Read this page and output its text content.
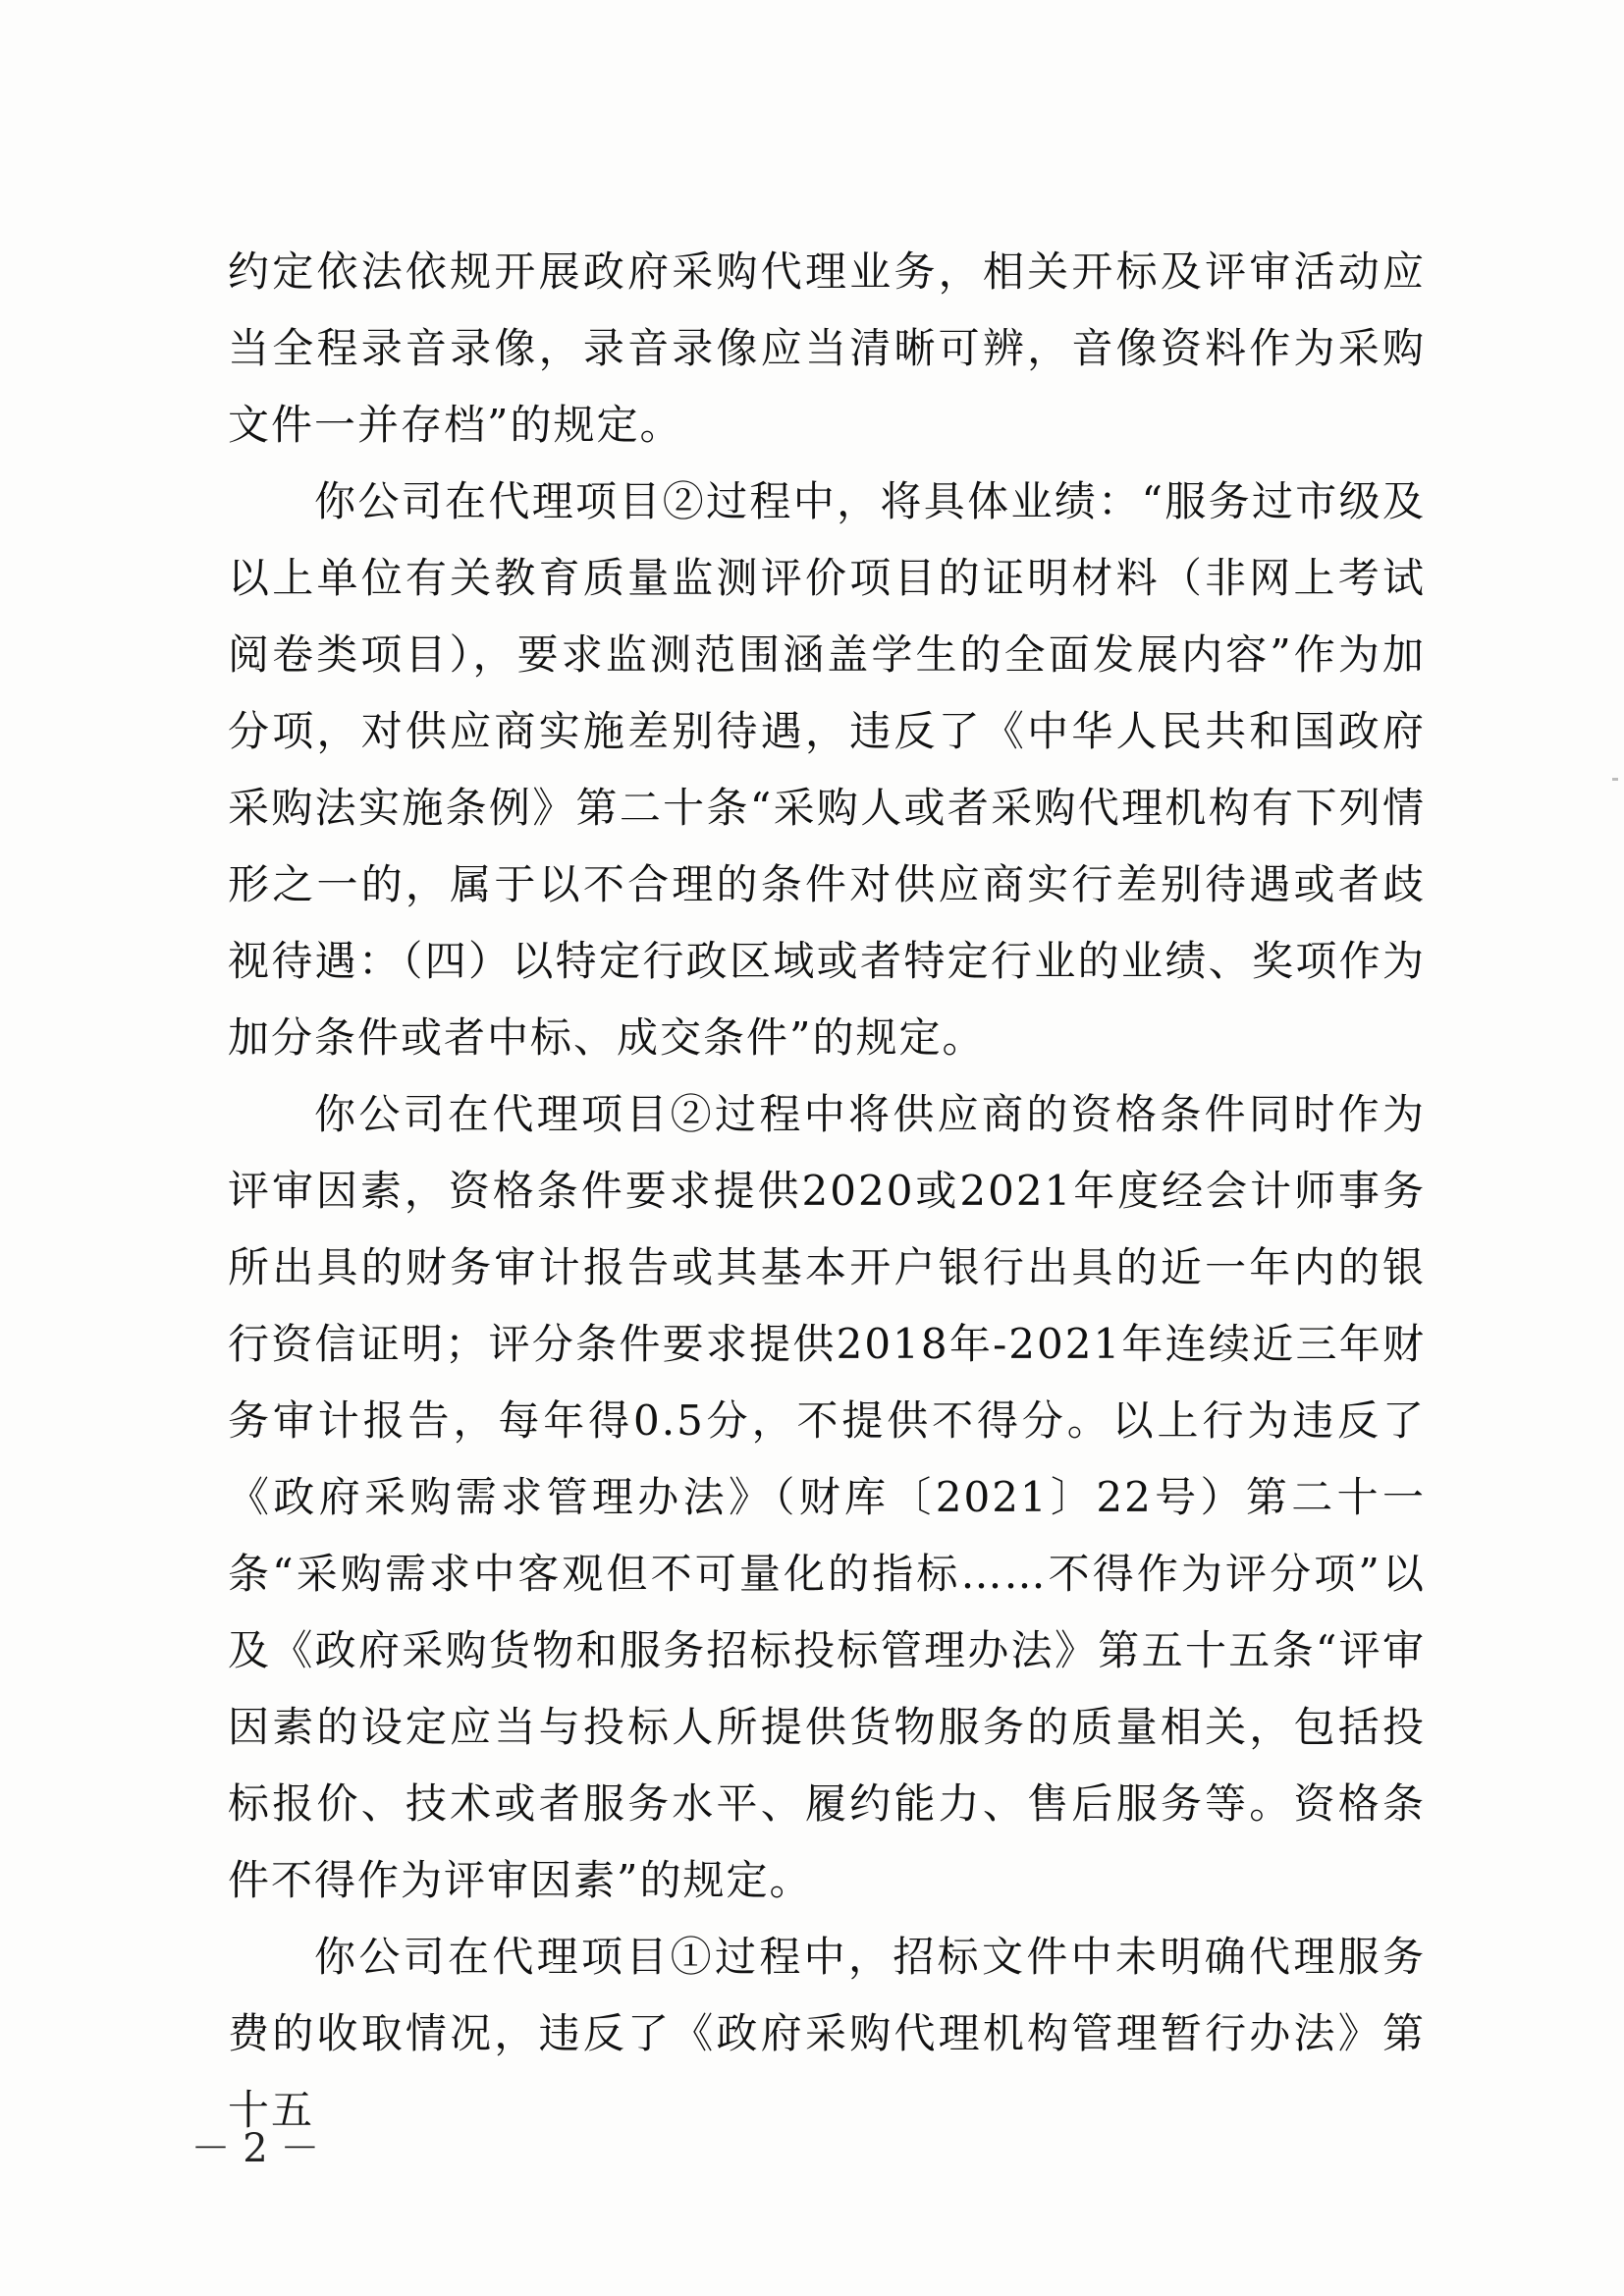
约定依法依规开展政府采购代理业务，相关开标及评审活动应当全程录音录像，录音录像应当清晰可辨，音像资料作为采购文件一并存档”的规定。

你公司在代理项目②过程中，将具体业绩：“服务过市级及以上单位有关教育质量监测评价项目的证明材料（非网上考试阅卷类项目），要求监测范围涵盖学生的全面发展内容”作为加分项，对供应商实施差别待遇，违反了《中华人民共和国政府采购法实施条例》第二十条“采购人或者采购代理机构有下列情形之一的，属于以不合理的条件对供应商实行差别待遇或者歧视待遇：（四）以特定行政区域或者特定行业的业绩、奖项作为加分条件或者中标、成交条件”的规定。

你公司在代理项目②过程中将供应商的资格条件同时作为评审因素，资格条件要求提供2020或2021年度经会计师事务所出具的财务审计报告或其基本开户银行出具的近一年内的银行资信证明；评分条件要求提供2018年-2021年连续近三年财务审计报告，每年得0.5分，不提供不得分。以上行为违反了《政府采购需求管理办法》（财库〔2021〕22号）第二十一条“采购需求中客观但不可量化的指标……不得作为评分项”以及《政府采购货物和服务招标投标管理办法》第五十五条“评审因素的设定应当与投标人所提供货物服务的质量相关，包括投标报价、技术或者服务水平、履约能力、售后服务等。资格条件不得作为评审因素”的规定。

你公司在代理项目①过程中，招标文件中未明确代理服务费的收取情况，违反了《政府采购代理机构管理暂行办法》第十五

－ 2 －
